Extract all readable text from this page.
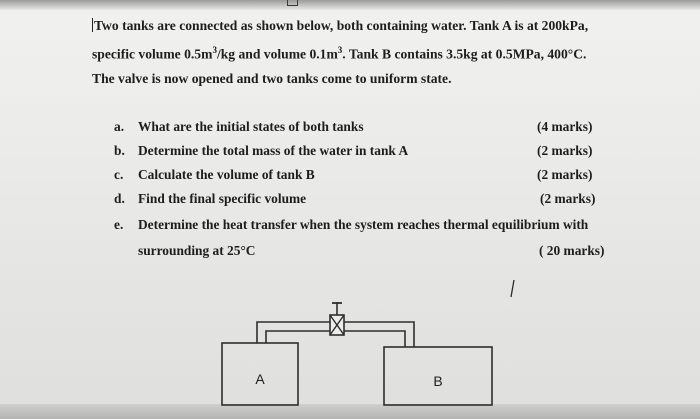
Two tanks are connected as shown below, both containing water. Tank A is at 200kPa,
specific volume $0.5m^3/kg$ and volume $0.1m^3$. Tank B contains 3.5kg at 0.5MPa, 400°C.
The valve is now opened and two tanks come to uniform state.

a. What are the initial states of both tanks	(4 marks)
b. Determine the total mass of the water in tank A	(2 marks)
c. Calculate the volume of tank B	(2 marks)
d. Find the final specific volume	(2 marks)
e. Determine the heat transfer when the system reaches thermal equilibrium with
surrounding at 25°C	( 20 marks)
A	B
